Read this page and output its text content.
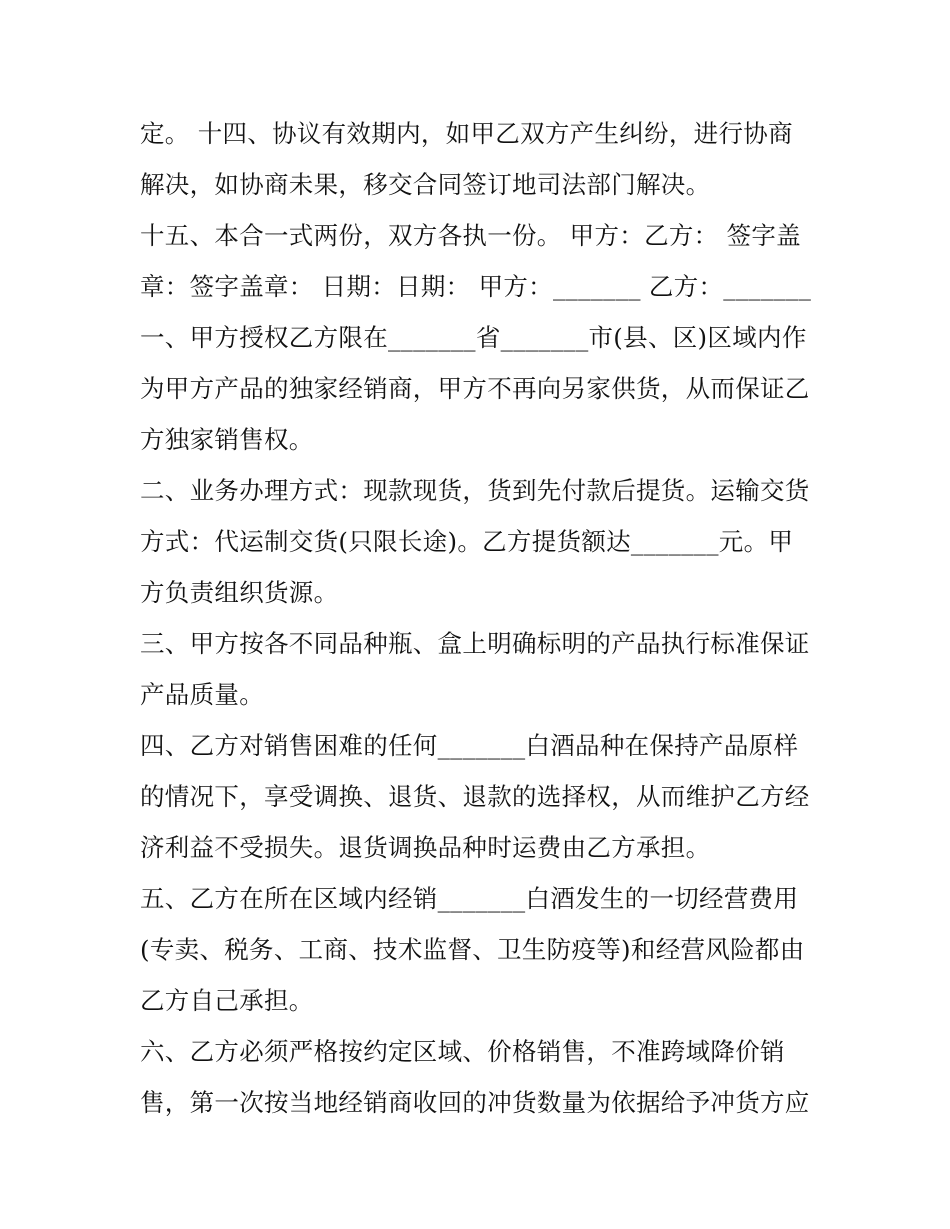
定。 十四、协议有效期内，如甲乙双方产生纠纷，进行协商
解决，如协商未果，移交合同签订地司法部门解决。
十五、本合一式两份，双方各执一份。 甲方：乙方： 签字盖
章：签字盖章： 日期：日期： 甲方：_______ 乙方：_______
一、甲方授权乙方限在_______省_______市(县、区)区域内作
为甲方产品的独家经销商，甲方不再向另家供货，从而保证乙
方独家销售权。
二、业务办理方式：现款现货，货到先付款后提货。运输交货
方式：代运制交货(只限长途)。乙方提货额达_______元。甲
方负责组织货源。
三、甲方按各不同品种瓶、盒上明确标明的产品执行标准保证
产品质量。
四、乙方对销售困难的任何_______白酒品种在保持产品原样
的情况下，享受调换、退货、退款的选择权，从而维护乙方经
济利益不受损失。退货调换品种时运费由乙方承担。
五、乙方在所在区域内经销_______白酒发生的一切经营费用
(专卖、税务、工商、技术监督、卫生防疫等)和经营风险都由
乙方自己承担。
六、乙方必须严格按约定区域、价格销售，不准跨域降价销
售，第一次按当地经销商收回的冲货数量为依据给予冲货方应
